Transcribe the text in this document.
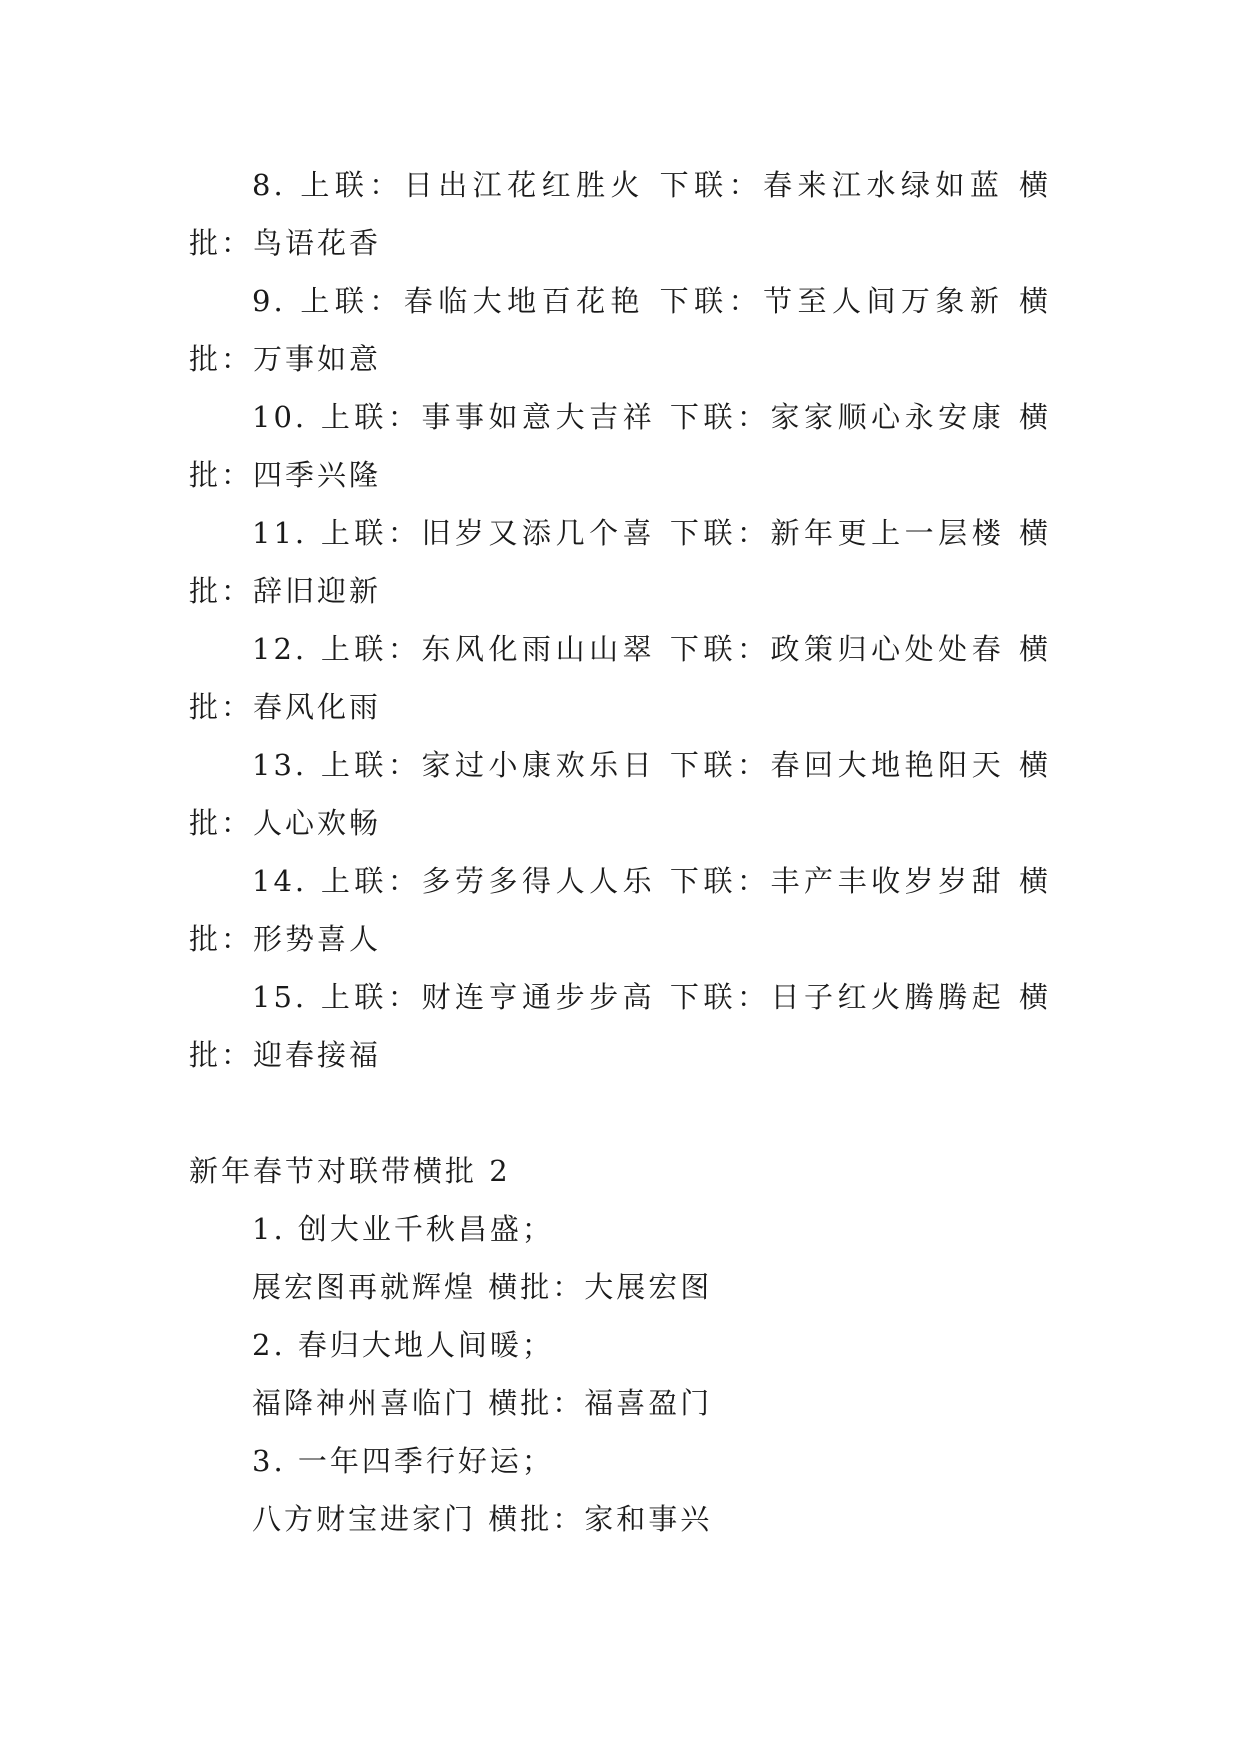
8. 上联：日出江花红胜火 下联：春来江水绿如蓝 横批：鸟语花香

9. 上联：春临大地百花艳 下联：节至人间万象新 横批：万事如意

10. 上联：事事如意大吉祥 下联：家家顺心永安康 横批：四季兴隆

11. 上联：旧岁又添几个喜 下联：新年更上一层楼 横批：辞旧迎新

12. 上联：东风化雨山山翠 下联：政策归心处处春 横批：春风化雨

13. 上联：家过小康欢乐日 下联：春回大地艳阳天 横批：人心欢畅

14. 上联：多劳多得人人乐 下联：丰产丰收岁岁甜 横批：形势喜人

15. 上联：财连亨通步步高 下联：日子红火腾腾起 横批：迎春接福

新年春节对联带横批 2

1. 创大业千秋昌盛；

展宏图再就辉煌 横批：大展宏图

2. 春归大地人间暖；

福降神州喜临门 横批：福喜盈门

3. 一年四季行好运；

八方财宝进家门 横批：家和事兴
